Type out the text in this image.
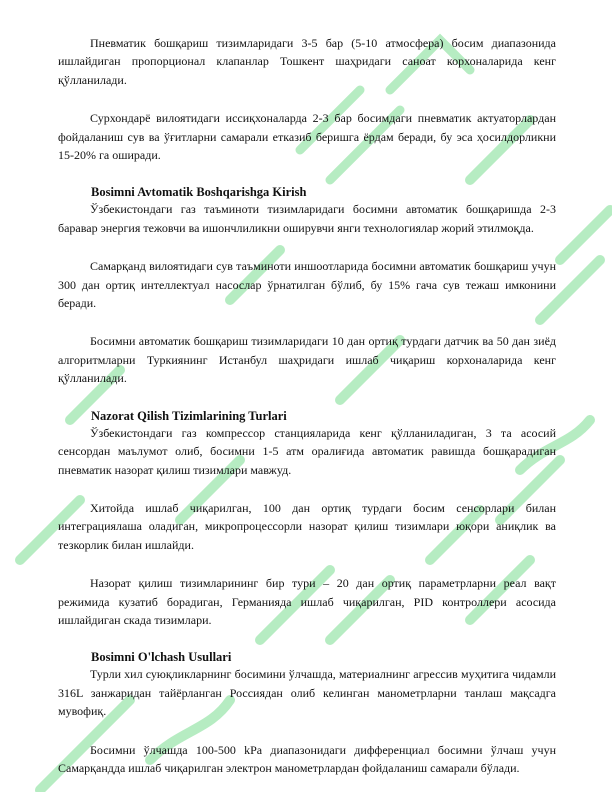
Пневматик бошқариш тизимларидаги 3-5 бар (5-10 атмосфера) босим диапазонида ишлайдиган пропорционал клапанлар Тошкент шаҳридаги саноат корхоналарида кенг қўлланилади.

Сурхондарё вилоятидаги иссиқхоналарда 2-3 бар босимдаги пневматик актуаторлардан фойдаланиш сув ва ўғитларни самарали етказиб беришга ёрдам беради, бу эса ҳосилдорликни 15-20% га оширади.

Bosimni Avtomatik Boshqarishga Kirish

Ўзбекистондаги газ таъминоти тизимларидаги босимни автоматик бошқаришда 2-3 баравар энергия тежовчи ва ишончлиликни оширувчи янги технологиялар жорий этилмоқда.

Самарқанд вилоятидаги сув таъминоти иншоотларида босимни автоматик бошқариш учун 300 дан ортиқ интеллектуал насослар ўрнатилган бўлиб, бу 15% гача сув тежаш имконини беради.

Босимни автоматик бошқариш тизимларидаги 10 дан ортиқ турдаги датчик ва 50 дан зиёд алгоритмларни Туркиянинг Истанбул шаҳридаги ишлаб чиқариш корхоналарида кенг қўлланилади.

Nazorat Qilish Tizimlarining Turlari

Ўзбекистондаги газ компрессор станцияларида кенг қўлланиладиган, 3 та асосий сенсордан маълумот олиб, босимни 1-5 атм оралиғида автоматик равишда бошқарадиган пневматик назорат қилиш тизимлари мавжуд.

Хитойда ишлаб чиқарилган, 100 дан ортиқ турдаги босим сенсорлари билан интеграциялаша оладиган, микропроцессорли назорат қилиш тизимлари юқори аниқлик ва тезкорлик билан ишлайди.

Назорат қилиш тизимларининг бир тури – 20 дан ортиқ параметрларни реал вақт режимида кузатиб борадиган, Германияда ишлаб чиқарилган, PID контроллери асосида ишлайдиган скада тизимлари.

Bosimni O'lchash Usullari

Турли хил суюқликларнинг босимини ўлчашда, материалнинг агрессив муҳитига чидамли 316L занжаридан тайёрланган Россиядан олиб келинган манометрларни танлаш мақсадга мувофиқ.

Босимни ўлчашда 100-500 kPa диапазонидаги дифференциал босимни ўлчаш учун Самарқандда ишлаб чиқарилган электрон манометрлардан фойдаланиш самарали бўлади.
